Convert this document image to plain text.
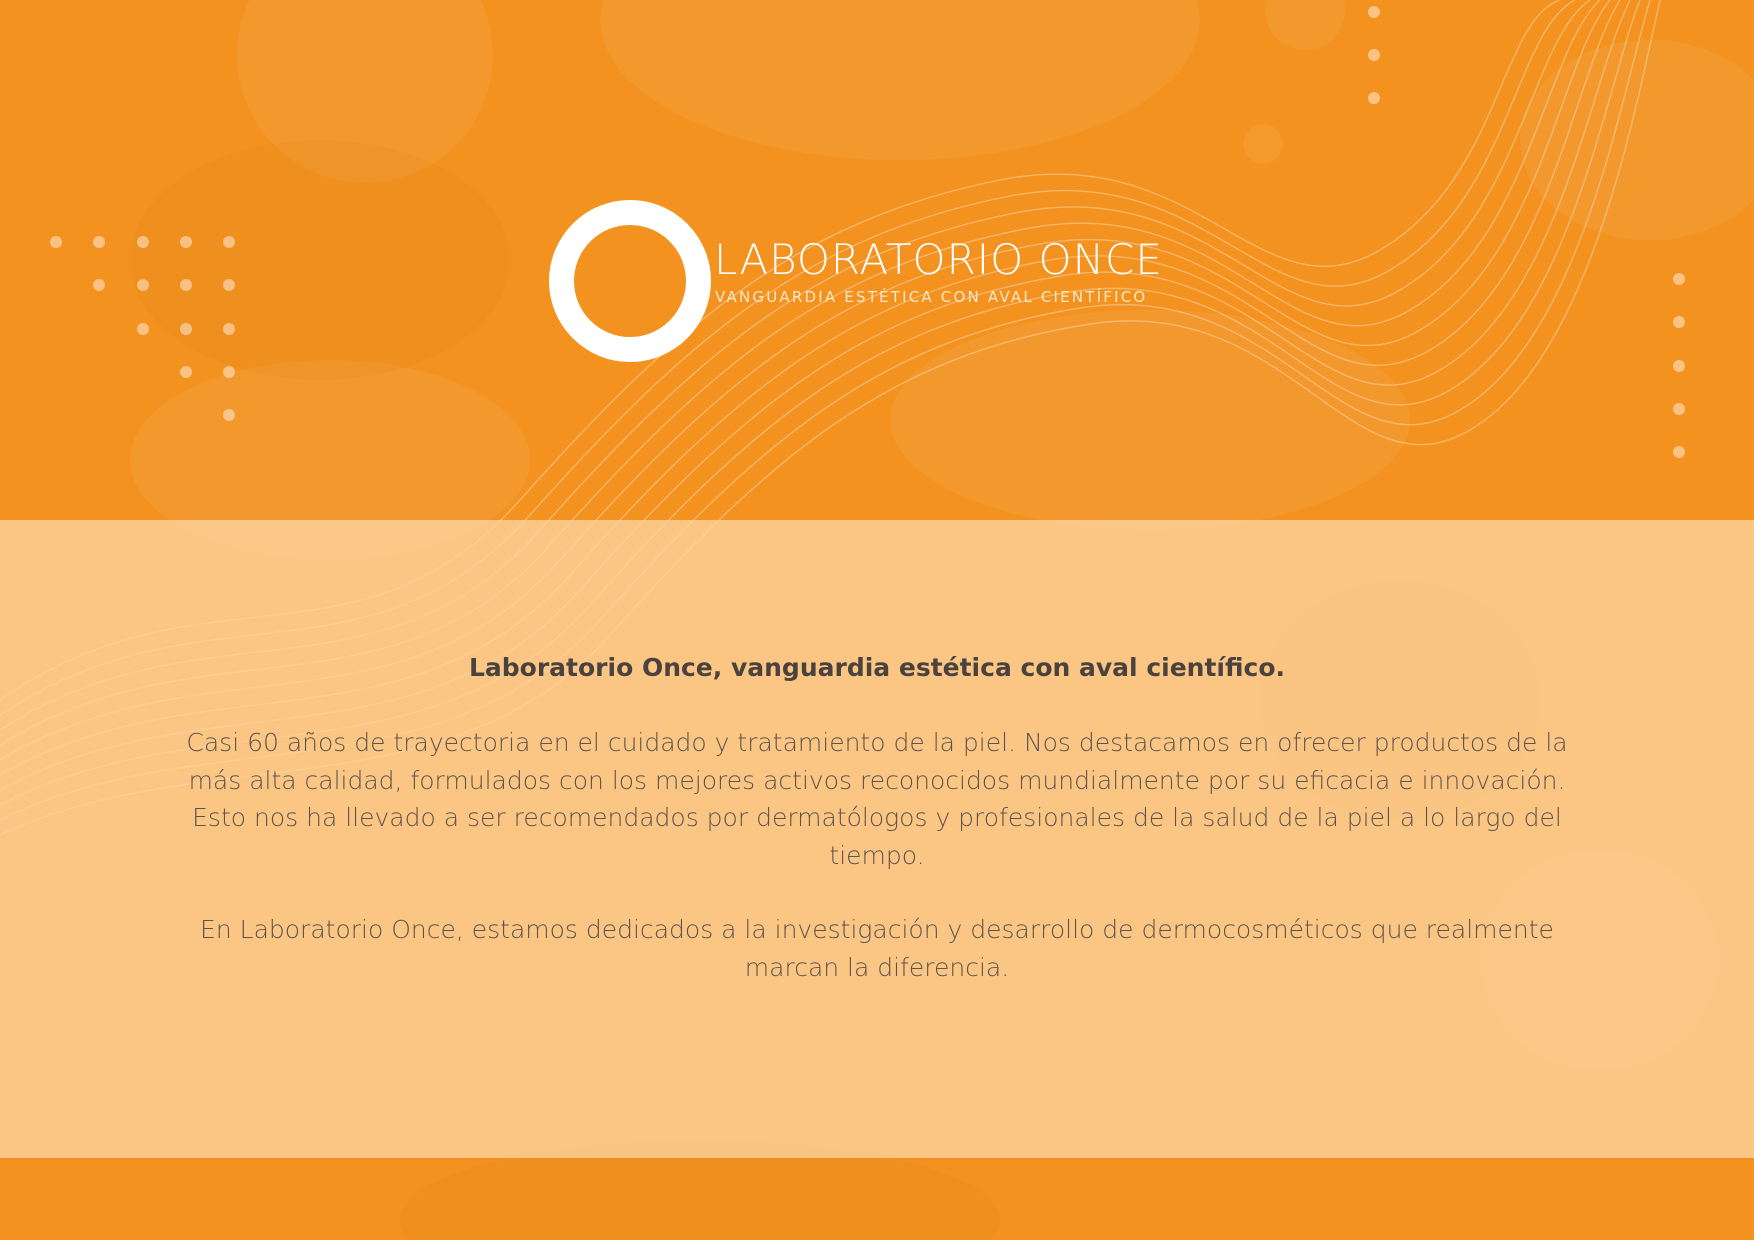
LABORATORIO ONCE
VANGUARDIA ESTÉTICA CON AVAL CIENTÍFICO

Laboratorio Once, vanguardia estética con aval científico.

Casi 60 años de trayectoria en el cuidado y tratamiento de la piel. Nos destacamos en ofrecer productos de la más alta calidad, formulados con los mejores activos reconocidos mundialmente por su eficacia e innovación. Esto nos ha llevado a ser recomendados por dermatólogos y profesionales de la salud de la piel a lo largo del tiempo.

En Laboratorio Once, estamos dedicados a la investigación y desarrollo de dermocosméticos que realmente marcan la diferencia.
